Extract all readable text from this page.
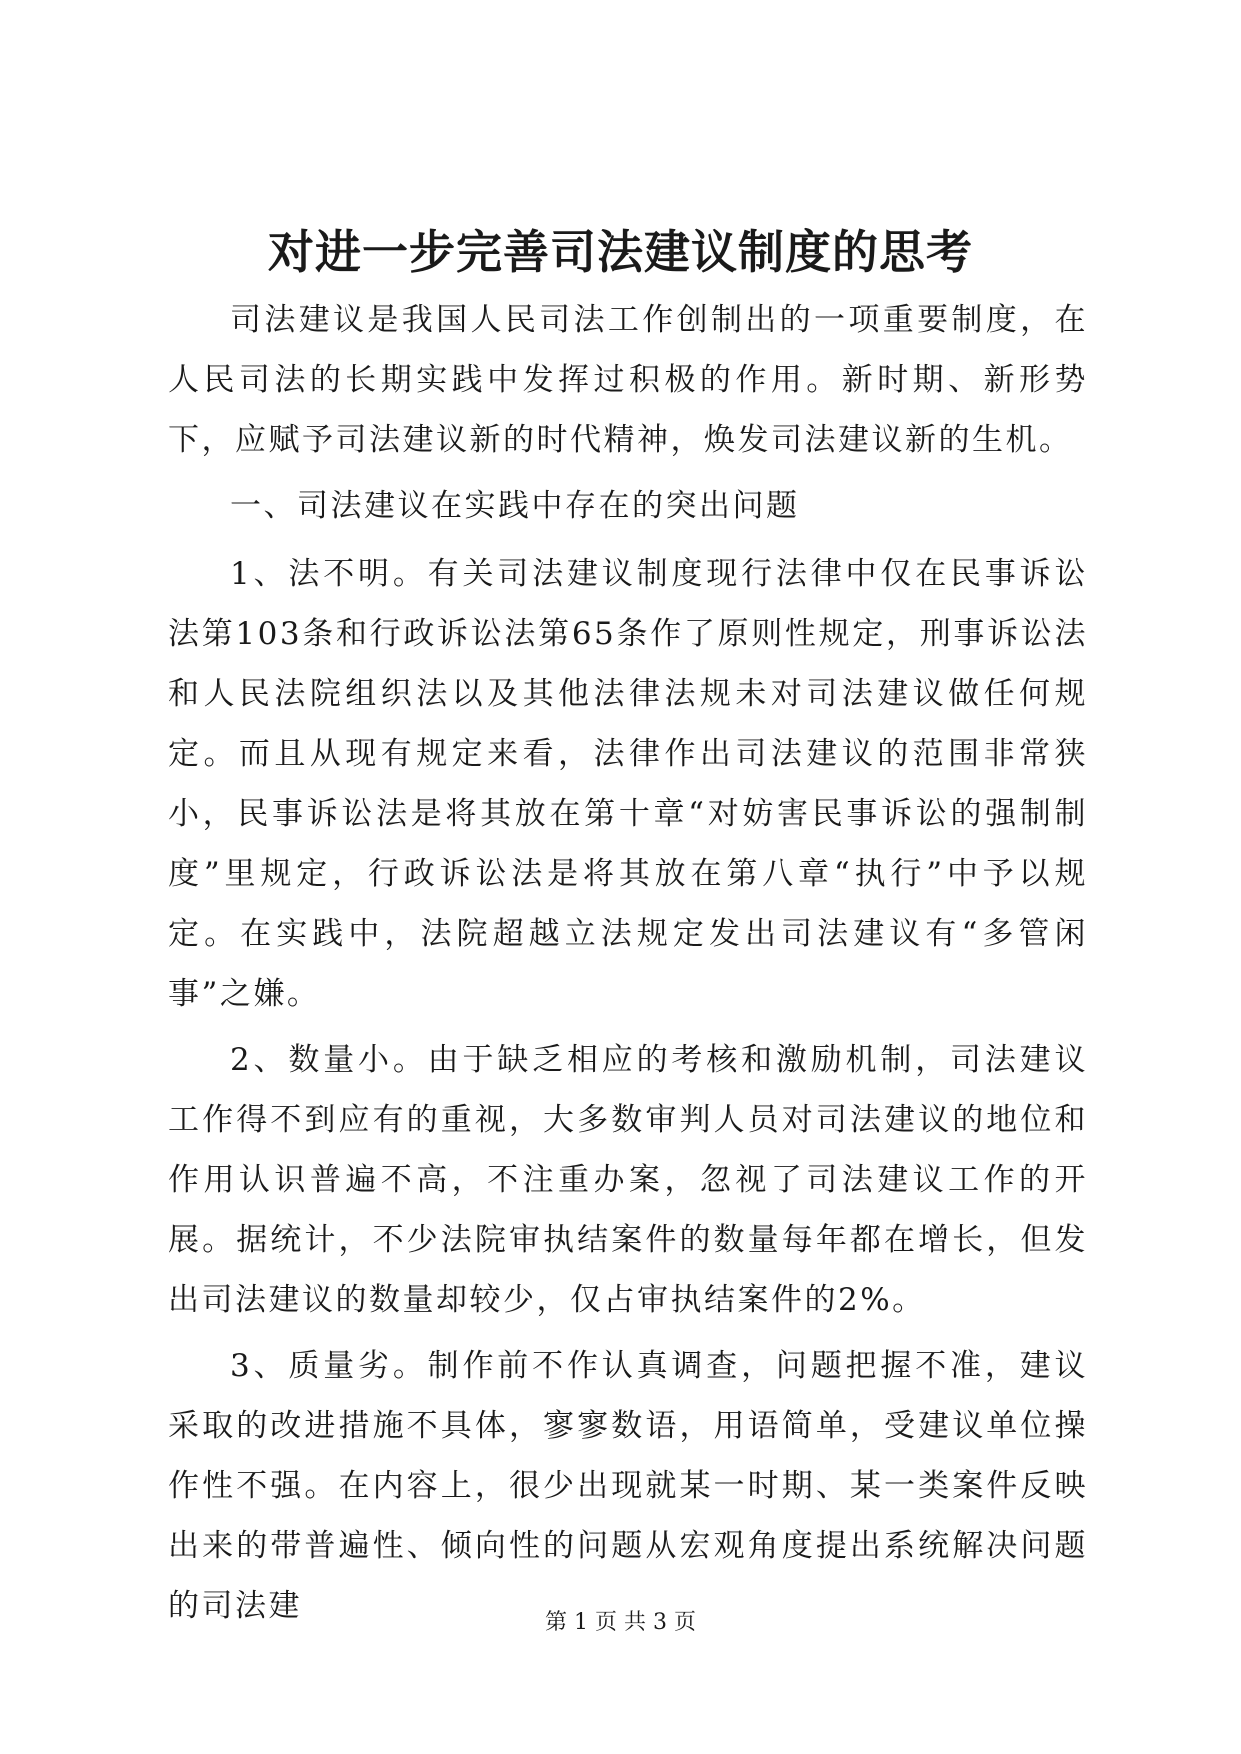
对进一步完善司法建议制度的思考

司法建议是我国人民司法工作创制出的一项重要制度，在人民司法的长期实践中发挥过积极的作用。新时期、新形势下，应赋予司法建议新的时代精神，焕发司法建议新的生机。

一、司法建议在实践中存在的突出问题

1、法不明。有关司法建议制度现行法律中仅在民事诉讼法第103条和行政诉讼法第65条作了原则性规定，刑事诉讼法和人民法院组织法以及其他法律法规未对司法建议做任何规定。而且从现有规定来看，法律作出司法建议的范围非常狭小，民事诉讼法是将其放在第十章“对妨害民事诉讼的强制制度”里规定，行政诉讼法是将其放在第八章“执行”中予以规定。在实践中，法院超越立法规定发出司法建议有“多管闲事”之嫌。

2、数量小。由于缺乏相应的考核和激励机制，司法建议工作得不到应有的重视，大多数审判人员对司法建议的地位和作用认识普遍不高，不注重办案，忽视了司法建议工作的开展。据统计，不少法院审执结案件的数量每年都在增长，但发出司法建议的数量却较少，仅占审执结案件的2%。

3、质量劣。制作前不作认真调查，问题把握不准，建议采取的改进措施不具体，寥寥数语，用语简单，受建议单位操作性不强。在内容上，很少出现就某一时期、某一类案件反映出来的带普遍性、倾向性的问题从宏观角度提出系统解决问题的司法建	第 1 页 共 3 页
